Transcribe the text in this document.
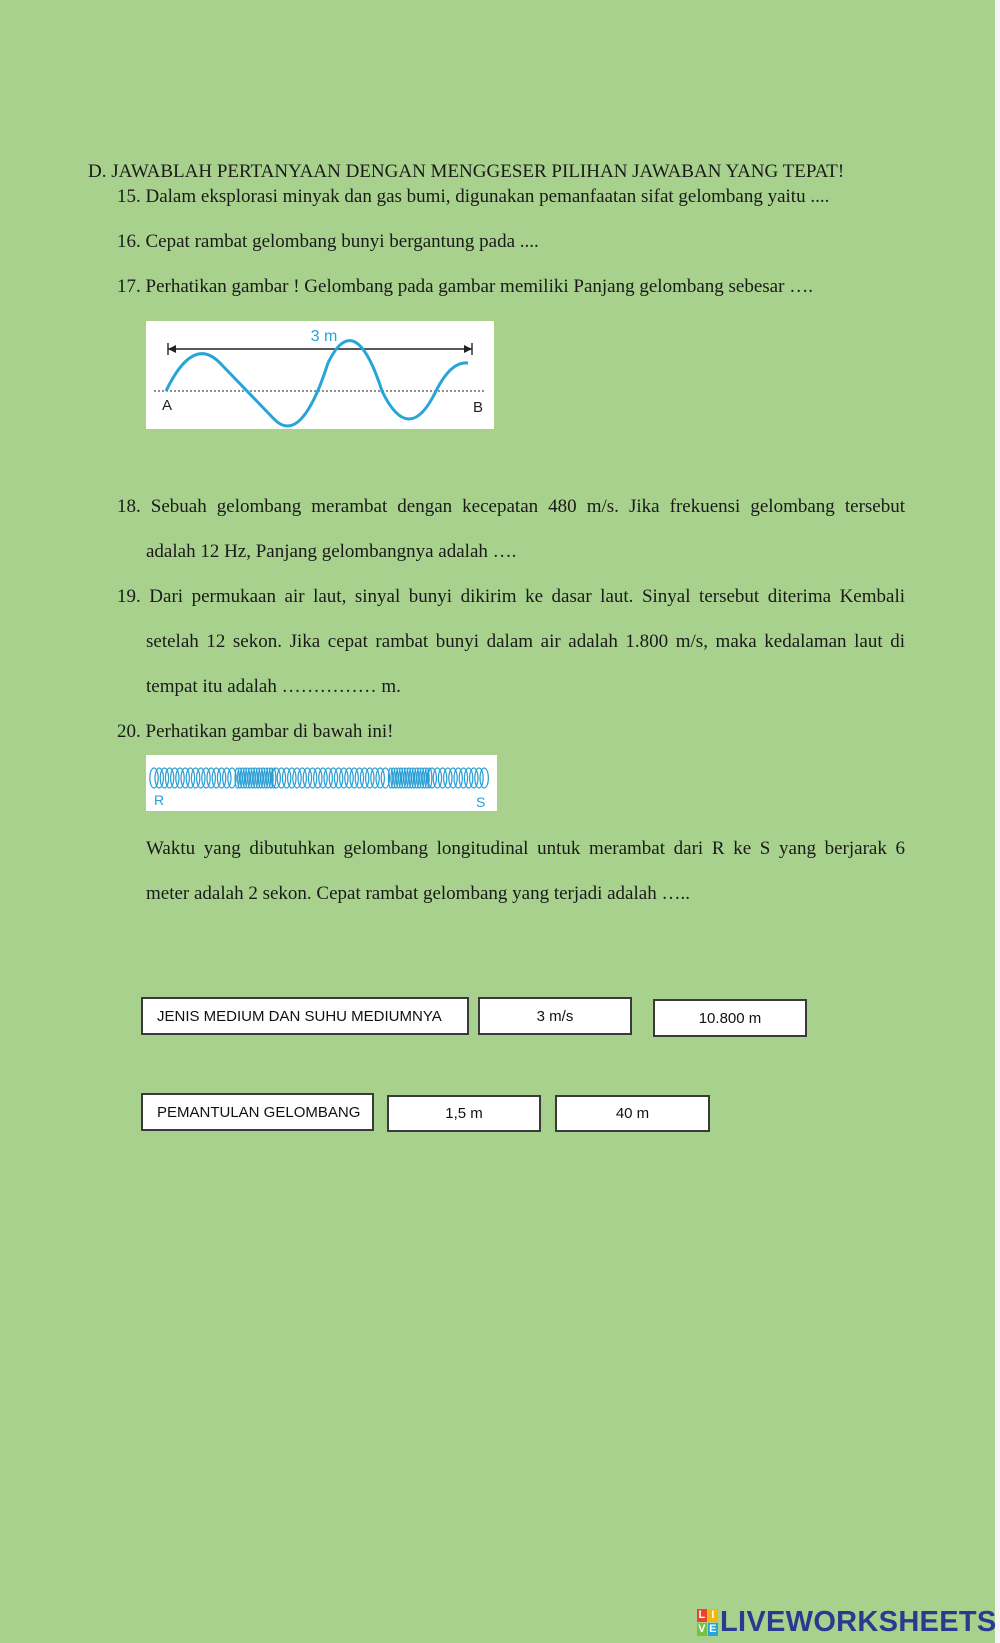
D. JAWABLAH PERTANYAAN DENGAN MENGGESER PILIHAN JAWABAN YANG TEPAT!
15. Dalam eksplorasi minyak dan gas bumi, digunakan pemanfaatan sifat gelombang yaitu ....
16. Cepat rambat gelombang bunyi bergantung pada ....
17. Perhatikan gambar ! Gelombang pada gambar memiliki Panjang gelombang sebesar ….
3 m
A	B
18. Sebuah gelombang merambat dengan kecepatan 480 m/s. Jika frekuensi gelombang tersebut
adalah 12 Hz, Panjang gelombangnya adalah ….
19. Dari permukaan air laut, sinyal bunyi dikirim ke dasar laut. Sinyal tersebut diterima Kembali
setelah 12 sekon. Jika cepat rambat bunyi dalam air adalah 1.800 m/s, maka kedalaman laut di
tempat itu adalah …………… m.
20. Perhatikan gambar di bawah ini!
R	S
Waktu yang dibutuhkan gelombang longitudinal untuk merambat dari R ke S yang berjarak 6
meter adalah 2 sekon. Cepat rambat gelombang yang terjadi adalah …..
JENIS MEDIUM DAN SUHU MEDIUMNYA	3 m/s	10.800 m
PEMANTULAN GELOMBANG	1,5 m	40 m
L I
V E LIVEWORKSHEETS
